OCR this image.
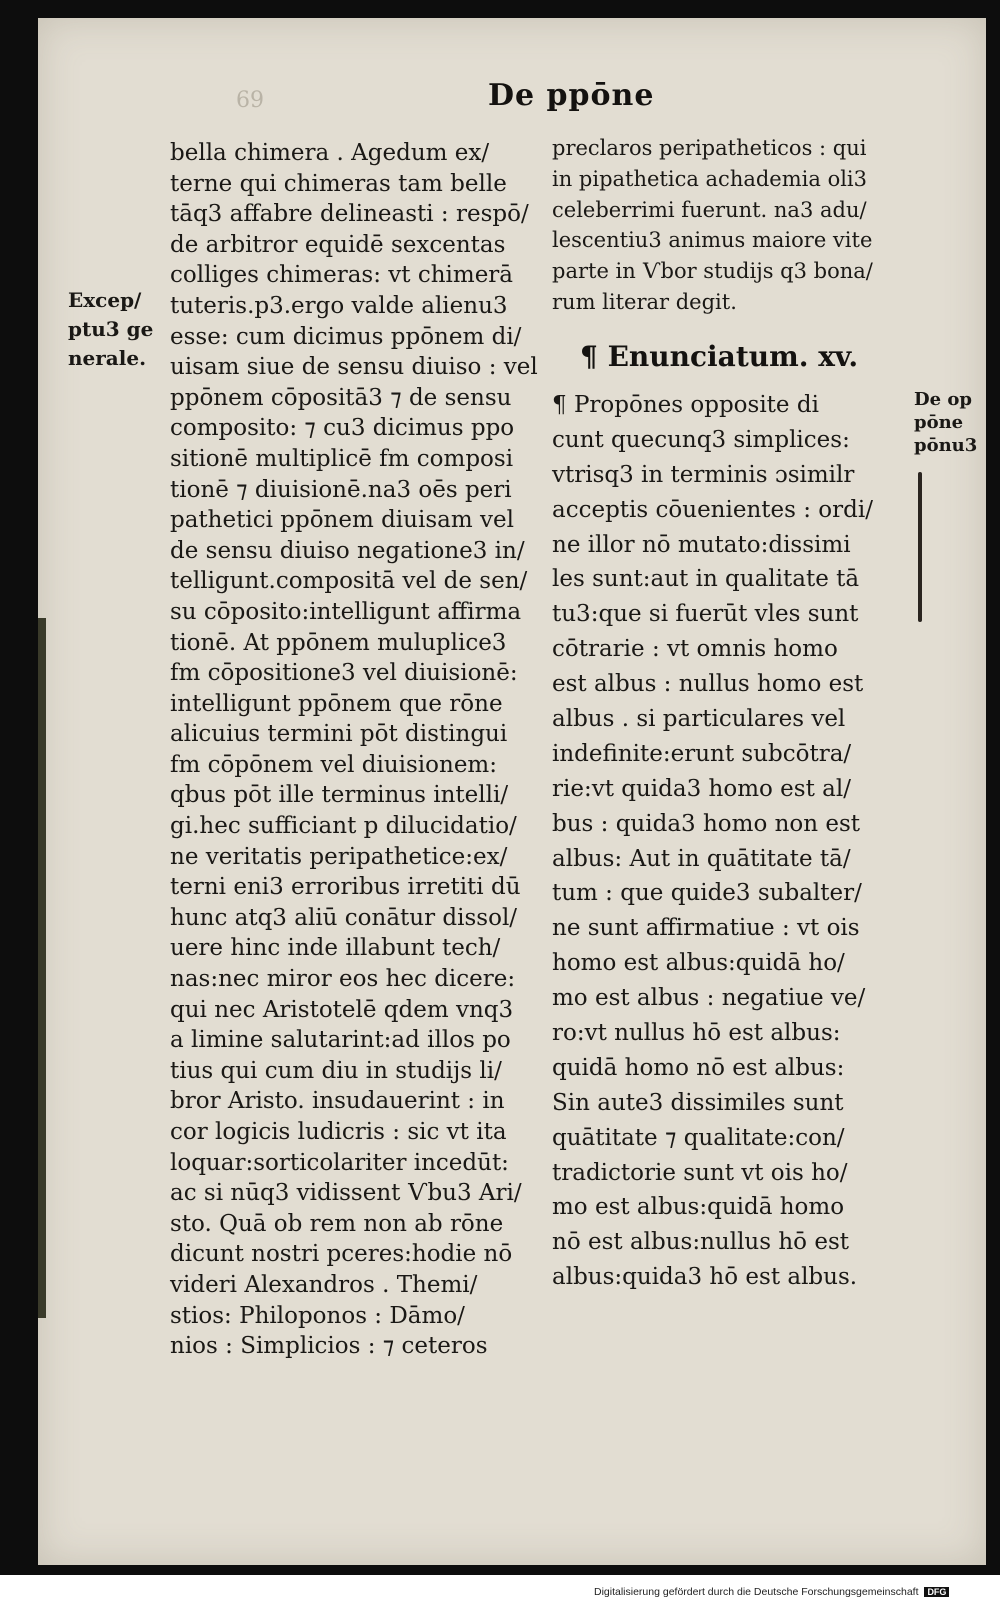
69	De ppōne
Excep/
ptu3 ge
nerale.
bella chimera . Agedum ex/
terne qui chimeras tam belle
tāq3 affabre delineasti : respō/
de arbitror equidē sexcentas
colliges chimeras: vt chimerā
tuteris.p3.ergo valde alienu3
esse: cum dicimus ppōnem di/
uisam siue de sensu diuiso : vel
ppōnem cōpositā3 ⁊ de sensu
composito: ⁊ cu3 dicimus ppo
sitionē multiplicē fm composi
tionē ⁊ diuisionē.na3 oēs peri
pathetici ppōnem diuisam vel
de sensu diuiso negatione3 in/
telligunt.compositā vel de sen/
su cōposito:intelligunt affirma
tionē. At ppōnem muluplice3
fm cōpositione3 vel diuisionē:
intelligunt ppōnem que rōne
alicuius termini pōt distingui
fm cōpōnem vel diuisionem:
qbus pōt ille terminus intelli/
gi.hec sufficiant p dilucidatio/
ne veritatis peripathetice:ex/
terni eni3 erroribus irretiti dū
hunc atq3 aliū conātur dissol/
uere hinc inde illabunt tech/
nas:nec miror eos hec dicere:
qui nec Aristotelē qdem vnq3
a limine salutarint:ad illos po
tius qui cum diu in studijs li/
bror Aristo. insudauerint : in
cor logicis ludicris : sic vt ita
loquar:sorticolariter incedūt:
ac si nūq3 vidissent Ѵbu3 Ari/
sto. Quā ob rem non ab rōne
dicunt nostri pceres:hodie nō
videri Alexandros . Themi/
stios: Philoponos : Dāmo/
nios : Simplicios : ⁊ ceteros
preclaros peripatheticos : qui
in pipathetica achademia oli3
celeberrimi fuerunt. na3 adu/
lescentiu3 animus maiore vite
parte in Ѵbor studijs q3 bona/
rum literar degit.
¶ Enunciatum. xv.
¶ Propōnes opposite di
cunt quecunq3 simplices:
vtrisq3 in terminis ɔsimilr
acceptis cōuenientes : ordi/
ne illor nō mutato:dissimi
les sunt:aut in qualitate tā
tu3:que si fuerūt vles sunt
cōtrarie : vt omnis homo
est albus : nullus homo est
albus . si particulares vel
indefinite:erunt subcōtra/
rie:vt quida3 homo est al/
bus : quida3 homo non est
albus: Aut in quātitate tā/
tum : que quide3 subalter/
ne sunt affirmatiue : vt ois
homo est albus:quidā ho/
mo est albus : negatiue ve/
ro:vt nullus hō est albus:
quidā homo nō est albus:
Sin aute3 dissimiles sunt
quātitate ⁊ qualitate:con/
tradictorie sunt vt ois ho/
mo est albus:quidā homo
nō est albus:nullus hō est
albus:quida3 hō est albus.
De op
pōne
pōnu3
Digitalisierung gefördert durch die Deutsche Forschungsgemeinschaft DFG
